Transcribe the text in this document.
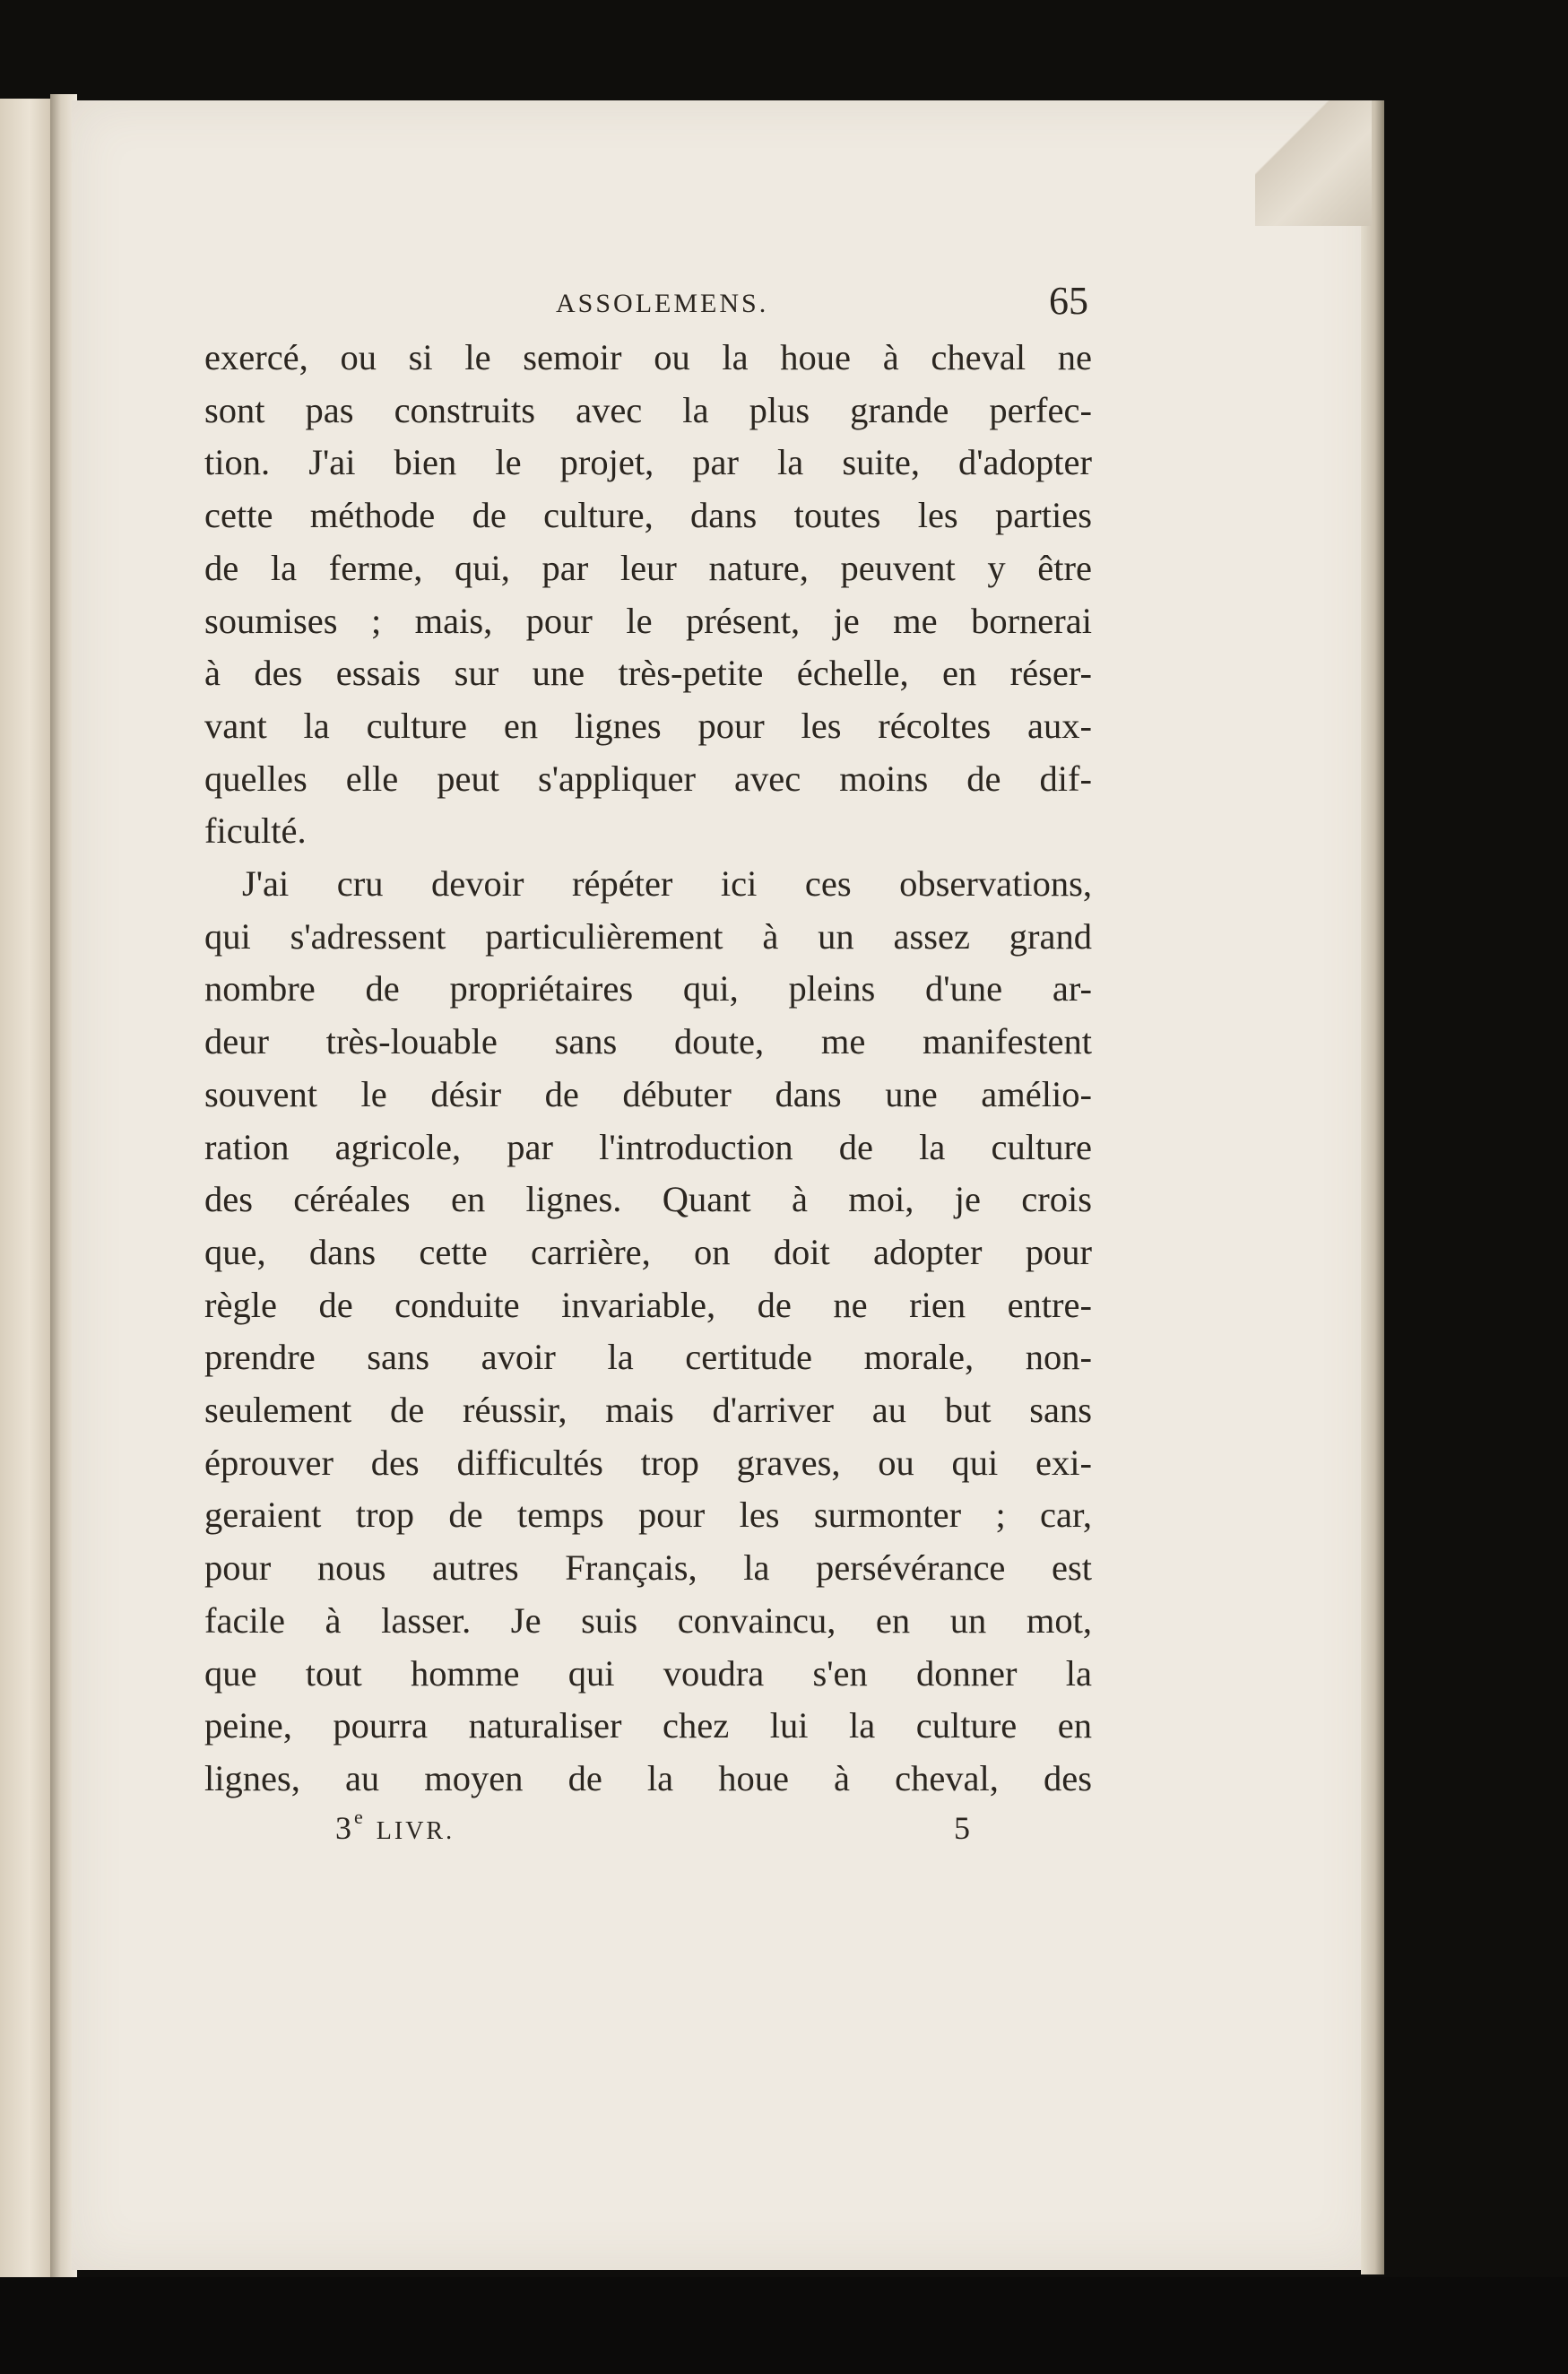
ASSOLEMENS.	65
exercé, ou si le semoir ou la houe à cheval ne
sont pas construits avec la plus grande perfec-
tion. J'ai bien le projet, par la suite, d'adopter
cette méthode de culture, dans toutes les parties
de la ferme, qui, par leur nature, peuvent y être
soumises ; mais, pour le présent, je me bornerai
à des essais sur une très-petite échelle, en réser-
vant la culture en lignes pour les récoltes aux-
quelles elle peut s'appliquer avec moins de dif-
ficulté.
J'ai cru devoir répéter ici ces observations,
qui s'adressent particulièrement à un assez grand
nombre de propriétaires qui, pleins d'une ar-
deur très-louable sans doute, me manifestent
souvent le désir de débuter dans une amélio-
ration agricole, par l'introduction de la culture
des céréales en lignes. Quant à moi, je crois
que, dans cette carrière, on doit adopter pour
règle de conduite invariable, de ne rien entre-
prendre sans avoir la certitude morale, non-
seulement de réussir, mais d'arriver au but sans
éprouver des difficultés trop graves, ou qui exi-
geraient trop de temps pour les surmonter ; car,
pour nous autres Français, la persévérance est
facile à lasser. Je suis convaincu, en un mot,
que tout homme qui voudra s'en donner la
peine, pourra naturaliser chez lui la culture en
lignes, au moyen de la houe à cheval, des
3e LIVR.	5
